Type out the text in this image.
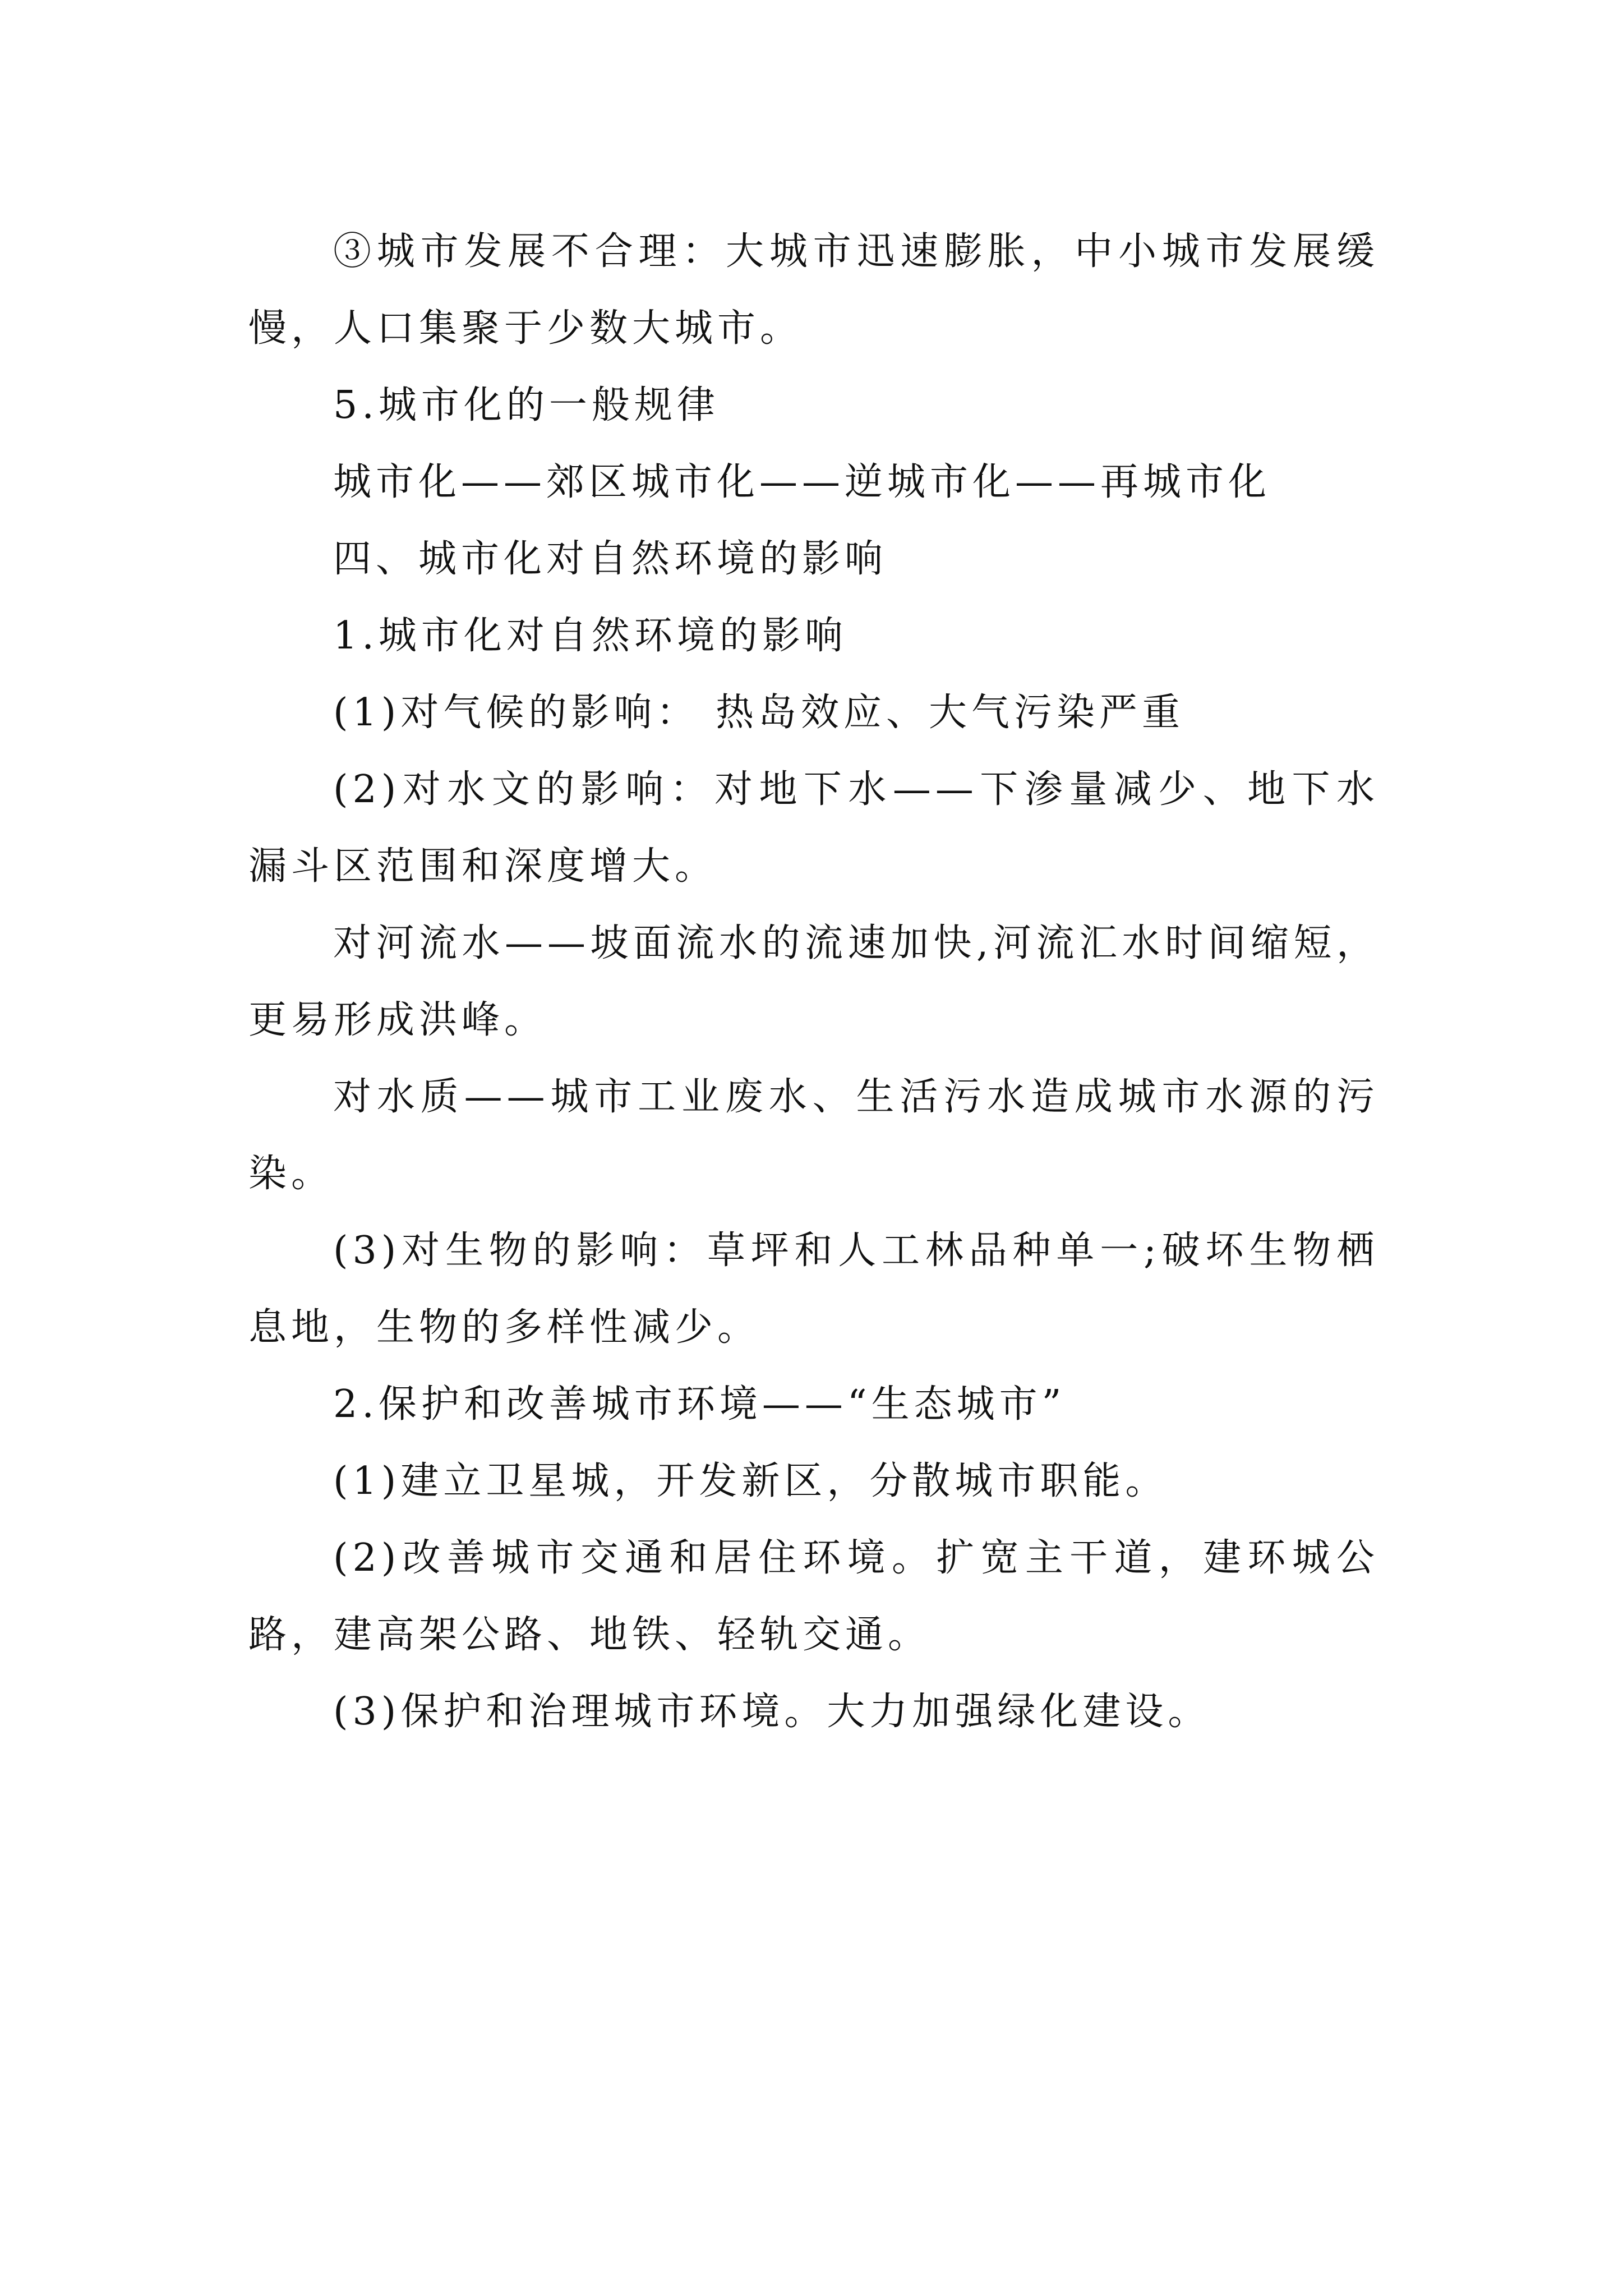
③城市发展不合理：大城市迅速膨胀，中小城市发展缓慢，人口集聚于少数大城市。

5.城市化的一般规律

城市化——郊区城市化——逆城市化——再城市化

四、城市化对自然环境的影响

1.城市化对自然环境的影响

(1)对气候的影响： 热岛效应、大气污染严重

(2)对水文的影响：对地下水——下渗量减少、地下水漏斗区范围和深度增大。

对河流水——坡面流水的流速加快,河流汇水时间缩短，更易形成洪峰。

对水质——城市工业废水、生活污水造成城市水源的污染。

(3)对生物的影响：草坪和人工林品种单一;破坏生物栖息地，生物的多样性减少。

2.保护和改善城市环境——“生态城市”

(1)建立卫星城，开发新区，分散城市职能。

(2)改善城市交通和居住环境。扩宽主干道，建环城公路，建高架公路、地铁、轻轨交通。

(3)保护和治理城市环境。大力加强绿化建设。
